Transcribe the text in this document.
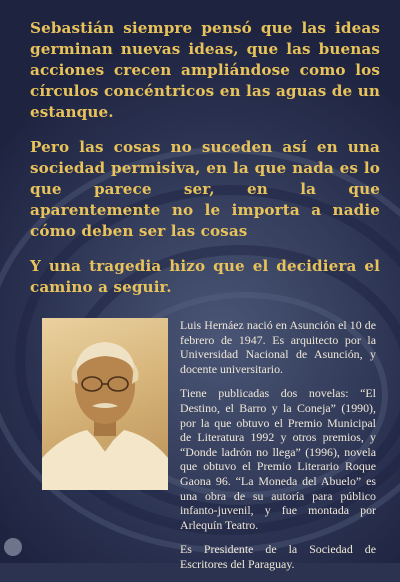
Sebastián siempre pensó que las ideas germinan nuevas ideas, que las buenas acciones crecen ampliándose como los círculos concéntricos en las aguas de un estanque.

Pero las cosas no suceden así en una sociedad permisiva, en la que nada es lo que parece ser, en la que aparentemente no le importa a nadie cómo deben ser las cosas

Y una tragedia hizo que el decidiera el camino a seguir.

Luis Hernáez nació en Asunción el 10 de febrero de 1947. Es arquitecto por la Universidad Nacional de Asunción, y docente universitario.

Tiene publicadas dos novelas: “El Destino, el Barro y la Coneja” (1990), por la que obtuvo el Premio Municipal de Literatura 1992 y otros premios, y “Donde ladrón no llega” (1996), novela que obtuvo el Premio Literario Roque Gaona 96. “La Moneda del Abuelo” es una obra de su autoría para público infanto-juvenil, y fue montada por Arlequín Teatro.

Es Presidente de la Sociedad de Escritores del Paraguay.
